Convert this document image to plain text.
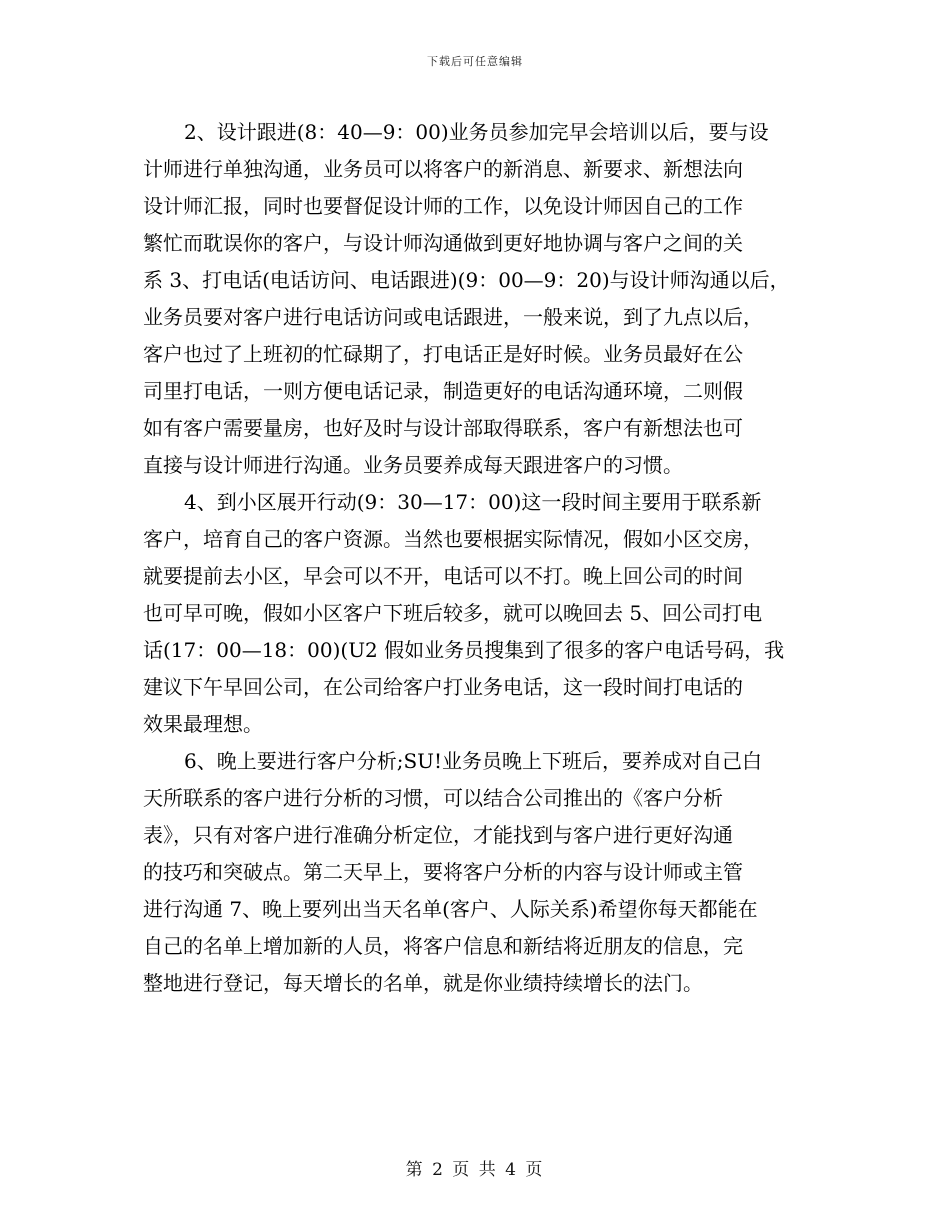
下载后可任意编辑
2、设计跟进(8：40—9：00)业务员参加完早会培训以后，要与设
计师进行单独沟通，业务员可以将客户的新消息、新要求、新想法向
设计师汇报，同时也要督促设计师的工作，以免设计师因自己的工作
繁忙而耽误你的客户，与设计师沟通做到更好地协调与客户之间的关
系 3、打电话(电话访问、电话跟进)(9：00—9：20)与设计师沟通以后，
业务员要对客户进行电话访问或电话跟进，一般来说，到了九点以后，
客户也过了上班初的忙碌期了，打电话正是好时候。业务员最好在公
司里打电话，一则方便电话记录，制造更好的电话沟通环境，二则假
如有客户需要量房，也好及时与设计部取得联系，客户有新想法也可
直接与设计师进行沟通。业务员要养成每天跟进客户的习惯。
4、到小区展开行动(9：30—17：00)这一段时间主要用于联系新
客户，培育自己的客户资源。当然也要根据实际情况，假如小区交房，
就要提前去小区，早会可以不开，电话可以不打。晚上回公司的时间
也可早可晚，假如小区客户下班后较多，就可以晚回去 5、回公司打电
话(17：00—18：00)(U2 假如业务员搜集到了很多的客户电话号码，我
建议下午早回公司，在公司给客户打业务电话，这一段时间打电话的
效果最理想。
6、晚上要进行客户分析;SU!业务员晚上下班后，要养成对自己白
天所联系的客户进行分析的习惯，可以结合公司推出的《客户分析
表》，只有对客户进行准确分析定位，才能找到与客户进行更好沟通
的技巧和突破点。第二天早上，要将客户分析的内容与设计师或主管
进行沟通 7、晚上要列出当天名单(客户、人际关系)希望你每天都能在
自己的名单上增加新的人员，将客户信息和新结将近朋友的信息，完
整地进行登记，每天增长的名单，就是你业绩持续增长的法门。
第 2 页 共 4 页
